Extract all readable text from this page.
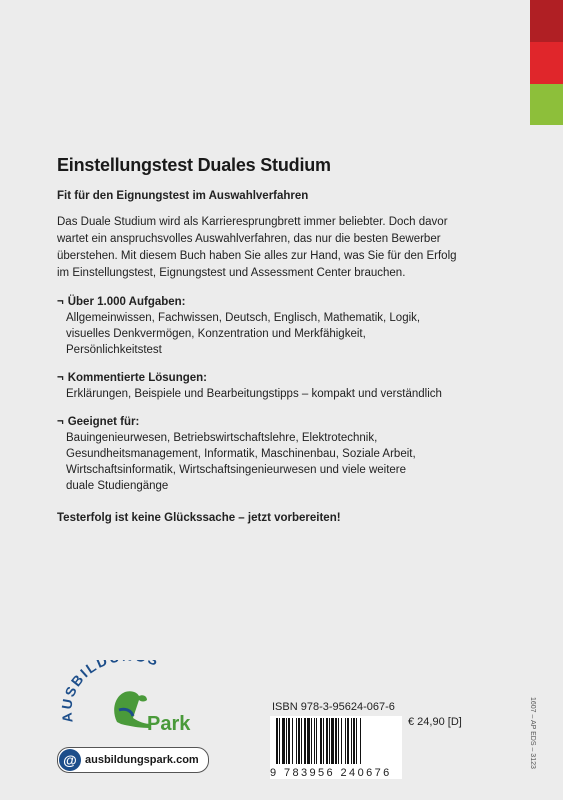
Einstellungstest Duales Studium
Fit für den Eignungstest im Auswahlverfahren
Das Duale Studium wird als Karrieresprungbrett immer beliebter. Doch davor
wartet ein anspruchsvolles Auswahlverfahren, das nur die besten Bewerber
überstehen. Mit diesem Buch haben Sie alles zur Hand, was Sie für den Erfolg
im Einstellungstest, Eignungstest und Assessment Center brauchen.
¬ Über 1.000 Aufgaben:
Allgemeinwissen, Fachwissen, Deutsch, Englisch, Mathematik, Logik,
visuelles Denkvermögen, Konzentration und Merkfähigkeit,
Persönlichkeitstest
¬ Kommentierte Lösungen:
Erklärungen, Beispiele und Bearbeitungstipps – kompakt und verständlich
¬ Geeignet für:
Bauingenieurwesen, Betriebswirtschaftslehre, Elektrotechnik,
Gesundheitsmanagement, Informatik, Maschinenbau, Soziale Arbeit,
Wirtschaftsinformatik, Wirtschaftsingenieurwesen und viele weitere
duale Studiengänge
Testerfolg ist keine Glückssache – jetzt vorbereiten!
AUSBILD
Park
@ ausbildungspark.com
ISBN 978-3-95624-067-6
9 783956 240676
€ 24,90 [D]	1607 – AP EDS – 3123
